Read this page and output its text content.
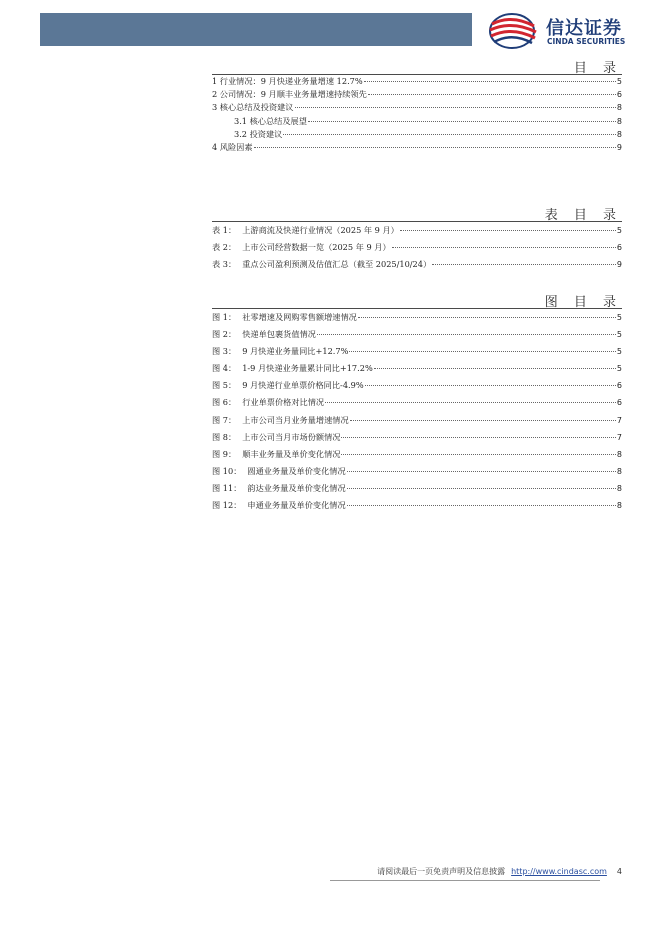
信达证券
CINDA SECURITIES
目 录
1 行业情况：9 月快递业务量增速 12.7%	5
2 公司情况：9 月顺丰业务量增速持续领先	6
3 核心总结及投资建议	8
3.1 核心总结及展望	8
3.2 投资建议	8
4 风险因素	9
表 目 录
表 1： 上游商流及快递行业情况（2025 年 9 月）	5
表 2： 上市公司经营数据一览（2025 年 9 月）	6
表 3： 重点公司盈利预测及估值汇总（截至 2025/10/24）	9
图 目 录
图 1： 社零增速及网购零售额增速情况	5
图 2： 快递单包裹货值情况	5
图 3： 9 月快递业务量同比+12.7%	5
图 4： 1-9 月快递业务量累计同比+17.2%	5
图 5： 9 月快递行业单票价格同比-4.9%	6
图 6： 行业单票价格对比情况	6
图 7： 上市公司当月业务量增速情况	7
图 8： 上市公司当月市场份额情况	7
图 9： 顺丰业务量及单价变化情况	8
图 10： 圆通业务量及单价变化情况	8
图 11： 韵达业务量及单价变化情况	8
图 12： 申通业务量及单价变化情况	8
请阅读最后一页免责声明及信息披露 http://www.cindasc.com 4
